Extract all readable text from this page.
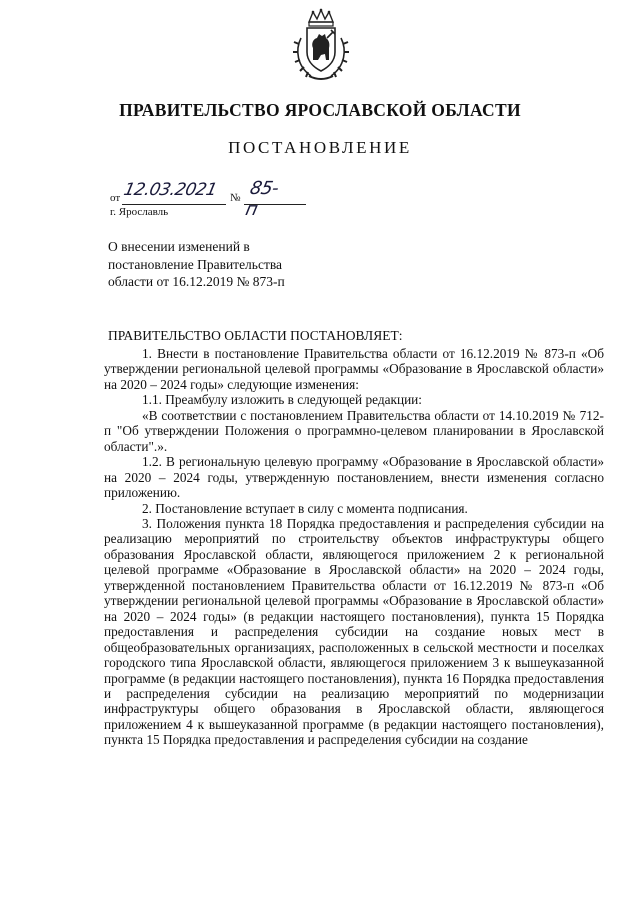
ПРАВИТЕЛЬСТВО ЯРОСЛАВСКОЙ ОБЛАСТИ
ПОСТАНОВЛЕНИЕ
от 12.03.2021 № 85-п
г. Ярославль
О внесении изменений в
постановление Правительства
области от 16.12.2019 № 873-п
ПРАВИТЕЛЬСТВО ОБЛАСТИ ПОСТАНОВЛЯЕТ:

1. Внести в постановление Правительства области от 16.12.2019 № 873-п «Об утверждении региональной целевой программы «Образование в Ярославской области» на 2020 – 2024 годы» следующие изменения:

1.1. Преамбулу изложить в следующей редакции:

«В соответствии с постановлением Правительства области от 14.10.2019 № 712-п "Об утверждении Положения о программно-целевом планировании в Ярославской области".».

1.2. В региональную целевую программу «Образование в Ярославской области» на 2020 – 2024 годы, утвержденную постановлением, внести изменения согласно приложению.

2. Постановление вступает в силу с момента подписания.

3. Положения пункта 18 Порядка предоставления и распределения субсидии на реализацию мероприятий по строительству объектов инфраструктуры общего образования Ярославской области, являющегося приложением 2 к региональной целевой программе «Образование в Ярославской области» на 2020 – 2024 годы, утвержденной постановлением Правительства области от 16.12.2019 № 873-п «Об утверждении региональной целевой программы «Образование в Ярославской области» на 2020 – 2024 годы» (в редакции настоящего постановления), пункта 15 Порядка предоставления и распределения субсидии на создание новых мест в общеобразовательных организациях, расположенных в сельской местности и поселках городского типа Ярославской области, являющегося приложением 3 к вышеуказанной программе (в редакции настоящего постановления), пункта 16 Порядка предоставления и распределения субсидии на реализацию мероприятий по модернизации инфраструктуры общего образования в Ярославской области, являющегося приложением 4 к вышеуказанной программе (в редакции настоящего постановления), пункта 15 Порядка предоставления и распределения субсидии на создание
